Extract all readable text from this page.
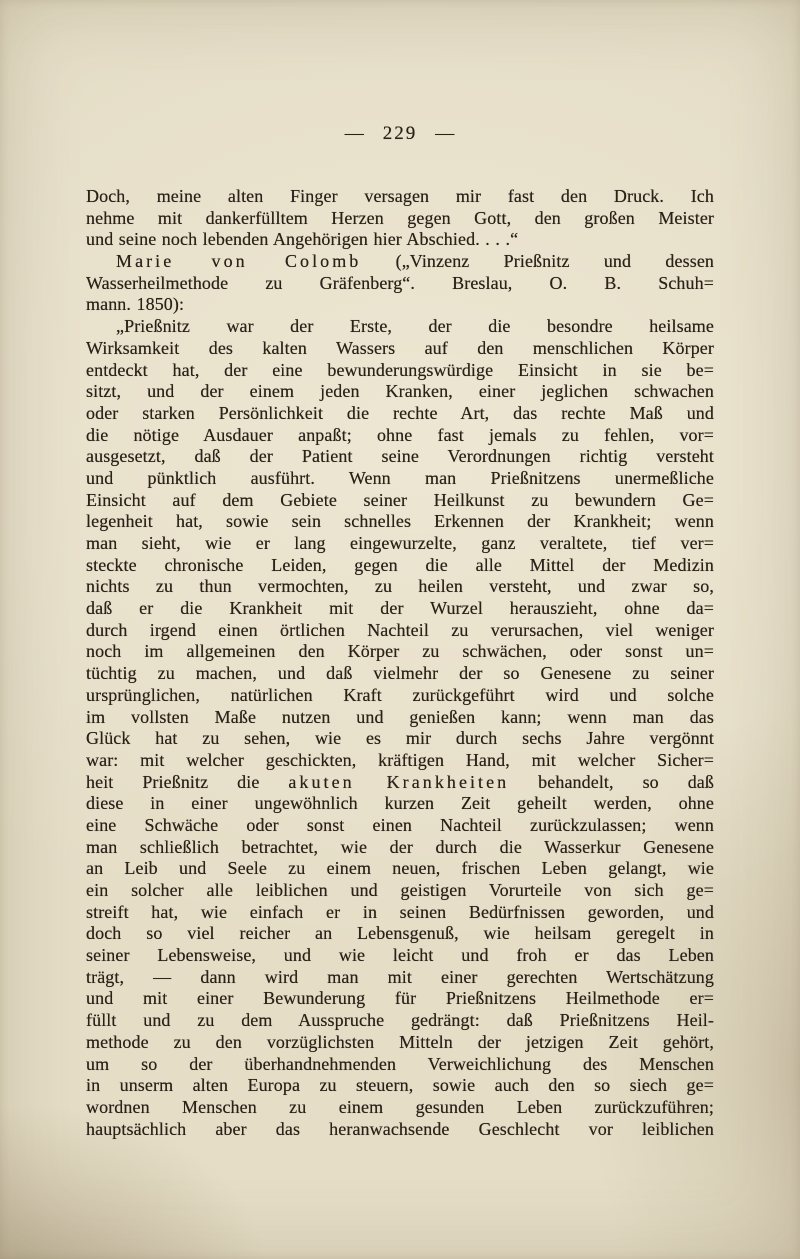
— 229 —
Doch, meine alten Finger versagen mir fast den Druck. Ich
nehme mit dankerfülltem Herzen gegen Gott, den großen Meister
und seine noch lebenden Angehörigen hier Abschied. . . .“
Marie von Colomb („Vinzenz Prießnitz und dessen
Wasserheilmethode zu Gräfenberg“. Breslau, O. B. Schuh=
mann. 1850):
„Prießnitz war der Erste, der die besondre heilsame
Wirksamkeit des kalten Wassers auf den menschlichen Körper
entdeckt hat, der eine bewunderungswürdige Einsicht in sie be=
sitzt, und der einem jeden Kranken, einer jeglichen schwachen
oder starken Persönlichkeit die rechte Art, das rechte Maß und
die nötige Ausdauer anpaßt; ohne fast jemals zu fehlen, vor=
ausgesetzt, daß der Patient seine Verordnungen richtig versteht
und pünktlich ausführt. Wenn man Prießnitzens unermeßliche
Einsicht auf dem Gebiete seiner Heilkunst zu bewundern Ge=
legenheit hat, sowie sein schnelles Erkennen der Krankheit; wenn
man sieht, wie er lang eingewurzelte, ganz veraltete, tief ver=
steckte chronische Leiden, gegen die alle Mittel der Medizin
nichts zu thun vermochten, zu heilen versteht, und zwar so,
daß er die Krankheit mit der Wurzel herauszieht, ohne da=
durch irgend einen örtlichen Nachteil zu verursachen, viel weniger
noch im allgemeinen den Körper zu schwächen, oder sonst un=
tüchtig zu machen, und daß vielmehr der so Genesene zu seiner
ursprünglichen, natürlichen Kraft zurückgeführt wird und solche
im vollsten Maße nutzen und genießen kann; wenn man das
Glück hat zu sehen, wie es mir durch sechs Jahre vergönnt
war: mit welcher geschickten, kräftigen Hand, mit welcher Sicher=
heit Prießnitz die akuten Krankheiten behandelt, so daß
diese in einer ungewöhnlich kurzen Zeit geheilt werden, ohne
eine Schwäche oder sonst einen Nachteil zurückzulassen; wenn
man schließlich betrachtet, wie der durch die Wasserkur Genesene
an Leib und Seele zu einem neuen, frischen Leben gelangt, wie
ein solcher alle leiblichen und geistigen Vorurteile von sich ge=
streift hat, wie einfach er in seinen Bedürfnissen geworden, und
doch so viel reicher an Lebensgenuß, wie heilsam geregelt in
seiner Lebensweise, und wie leicht und froh er das Leben
trägt, — dann wird man mit einer gerechten Wertschätzung
und mit einer Bewunderung für Prießnitzens Heilmethode er=
füllt und zu dem Ausspruche gedrängt: daß Prießnitzens Heil-
methode zu den vorzüglichsten Mitteln der jetzigen Zeit gehört,
um so der überhandnehmenden Verweichlichung des Menschen
in unserm alten Europa zu steuern, sowie auch den so siech ge=
wordnen Menschen zu einem gesunden Leben zurückzuführen;
hauptsächlich aber das heranwachsende Geschlecht vor leiblichen
